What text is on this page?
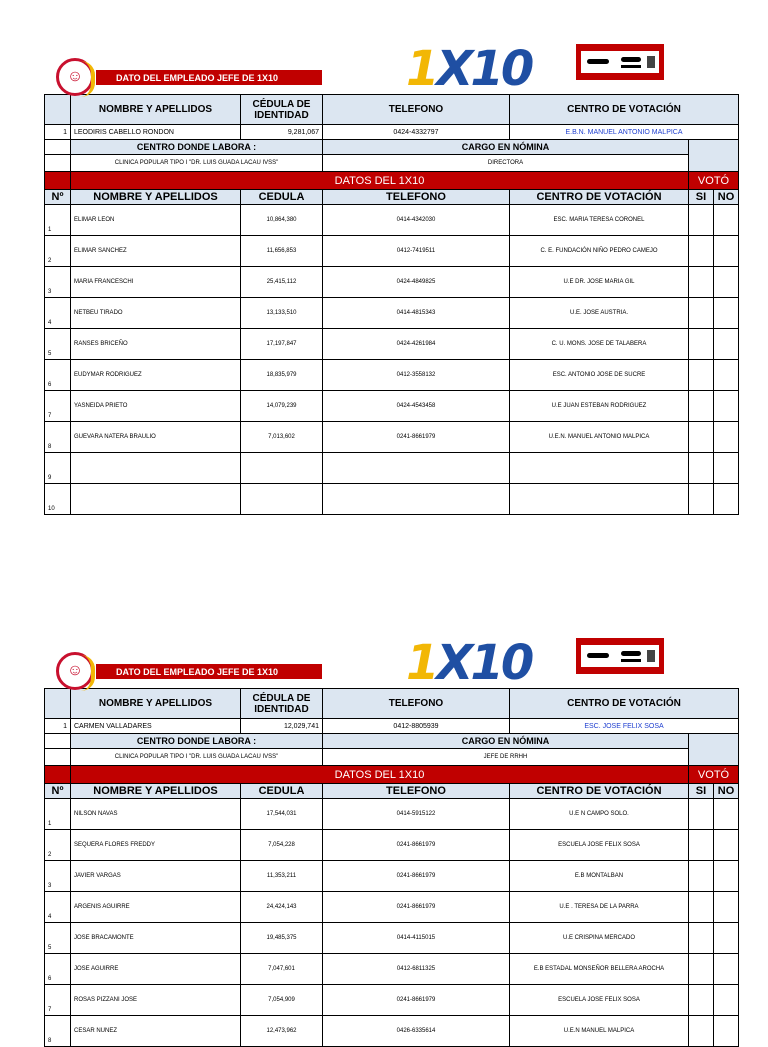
☺	DATO DEL EMPLEADO JEFE DE 1X10	1X10
	NOMBRE Y APELLIDOS	CÉDULA DE IDENTIDAD	TELEFONO	CENTRO DE VOTACIÓN		
1	LEODIRIS CABELLO RONDON	9,281,067	0424-4332797	E.B.N. MANUEL ANTONIO MALPICA		
	CENTRO DONDE LABORA :		CARGO EN NÓMINA			
	CLINICA POPULAR TIPO I "DR. LUIS GUADA LACAU IVSS"		DIRECTORA			
	DATOS DEL 1X10				VOTÓ	
Nº	NOMBRE Y APELLIDOS	CEDULA	TELEFONO	CENTRO DE VOTACIÓN	SI	NO
1	ELIMAR LEON	10,864,380	0414-4342030	ESC. MARIA TERESA CORONEL		
2	ELIMAR SANCHEZ	11,656,853	0412-7419511	C. E. FUNDACIÓN NIÑO PEDRO CAMEJO		
3	MARIA FRANCESCHI	25,415,112	0424-4849825	U.E DR. JOSE MARIA GIL		
4	NETBEU TIRADO	13,133,510	0414-4815343	U.E. JOSE AUSTRIA.		
5	RANSES BRICEÑO	17,197,847	0424-4261984	C. U. MONS. JOSE DE TALABERA		
6	EUDYMAR RODRIGUEZ	18,835,979	0412-3558132	ESC. ANTONIO JOSE DE SUCRE		
7	YASNEIDA PRIETO	14,079,239	0424-4543458	U.E JUAN ESTEBAN RODRIGUEZ		
8	GUEVARA NATERA BRAULIO	7,013,602	0241-8661979	U.E.N. MANUEL ANTONIO MALPICA		
9						
10						
☺	DATO DEL EMPLEADO JEFE DE 1X10	1X10
	NOMBRE Y APELLIDOS	CÉDULA DE IDENTIDAD	TELEFONO	CENTRO DE VOTACIÓN		
1	CARMEN VALLADARES	12,029,741	0412-8805939	ESC. JOSE FELIX SOSA		
	CENTRO DONDE LABORA :		CARGO EN NÓMINA			
	CLINICA POPULAR TIPO I "DR. LUIS GUADA LACAU IVSS"		JEFE DE RRHH			
	DATOS DEL 1X10				VOTÓ	
Nº	NOMBRE Y APELLIDOS	CEDULA	TELEFONO	CENTRO DE VOTACIÓN	SI	NO
1	NILSON NAVAS	17,544,031	0414-5915122	U.E N CAMPO SOLO.		
2	SEQUERA FLORES FREDDY	7,054,228	0241-8661979	ESCUELA JOSE FELIX SOSA		
3	JAVIER VARGAS	11,353,211	0241-8661979	E.B MONTALBAN		
4	ARGENIS AGUIRRE	24,424,143	0241-8661979	U.E . TERESA DE LA PARRA		
5	JOSE BRACAMONTE	19,485,375	0414-4115015	U.E CRISPINA MERCADO		
6	JOSE AGUIRRE	7,047,601	0412-6811325	E.B ESTADAL MONSEÑOR BELLERA AROCHA		
7	ROSAS PIZZANI JOSE	7,054,909	0241-8661979	ESCUELA JOSE FELIX SOSA		
8	CESAR NUNEZ	12,473,962	0426-6335614	U.E.N MANUEL MALPICA		
